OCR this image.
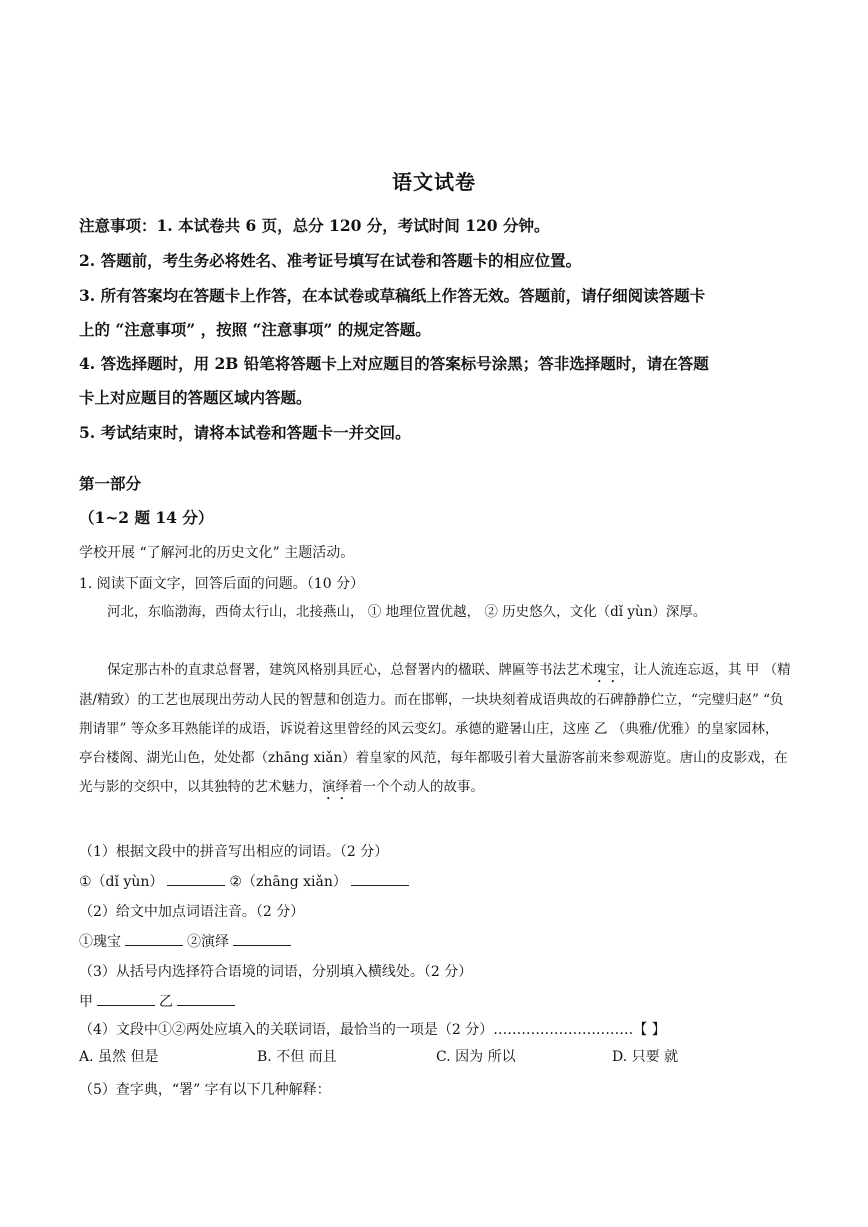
语文试卷
注意事项：1. 本试卷共 6 页，总分 120 分，考试时间 120 分钟。
2. 答题前，考生务必将姓名、准考证号填写在试卷和答题卡的相应位置。
3. 所有答案均在答题卡上作答，在本试卷或草稿纸上作答无效。答题前，请仔细阅读答题卡
上的 “注意事项” ，按照 “注意事项” 的规定答题。
4. 答选择题时，用 2B 铅笔将答题卡上对应题目的答案标号涂黑；答非选择题时，请在答题
卡上对应题目的答题区域内答题。
5. 考试结束时，请将本试卷和答题卡一并交回。
第一部分
（1~2 题 14 分）
学校开展 “了解河北的历史文化” 主题活动。
1. 阅读下面文字，回答后面的问题。（10 分）
河北，东临渤海，西倚太行山，北接燕山， ① 地理位置优越， ② 历史悠久，文化（dǐ yùn）深厚。
保定那古朴的直隶总督署，建筑风格别具匠心，总督署内的楹联、牌匾等书法艺术瑰宝，让人流连忘返，其 甲 （精湛/精致）的工艺也展现出劳动人民的智慧和创造力。而在邯郸，一块块刻着成语典故的石碑静静伫立，“完璧归赵” “负荆请罪” 等众多耳熟能详的成语，诉说着这里曾经的风云变幻。承德的避暑山庄，这座 乙 （典雅/优雅）的皇家园林，亭台楼阁、湖光山色，处处都（zhāng xiǎn）着皇家的风范，每年都吸引着大量游客前来参观游览。唐山的皮影戏，在光与影的交织中，以其独特的艺术魅力，演绎着一个个动人的故事。
（1）根据文段中的拼音写出相应的词语。（2 分）
①（dǐ yùn）	②（zhāng xiǎn）
（2）给文中加点词语注音。（2 分）
①瑰宝	②演绎
（3）从括号内选择符合语境的词语，分别填入横线处。（2 分）
甲	乙
（4）文段中①②两处应填入的关联词语，最恰当的一项是（2 分）…………………………【 】
A. 虽然 但是	B. 不但 而且	C. 因为 所以	D. 只要 就
（5）查字典，“署” 字有以下几种解释：
